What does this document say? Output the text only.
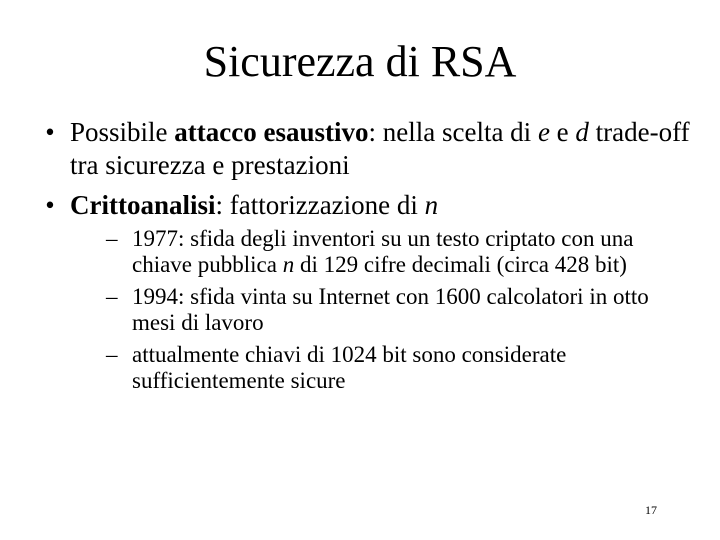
Sicurezza di RSA
• Possibile attacco esaustivo: nella scelta di e e d trade-off tra sicurezza e prestazioni
• Crittoanalisi: fattorizzazione di n
– 1977: sfida degli inventori su un testo criptato con una chiave pubblica n di 129 cifre decimali (circa 428 bit)
– 1994: sfida vinta su Internet con 1600 calcolatori in otto mesi di lavoro
– attualmente chiavi di 1024 bit sono considerate sufficientemente sicure
17
